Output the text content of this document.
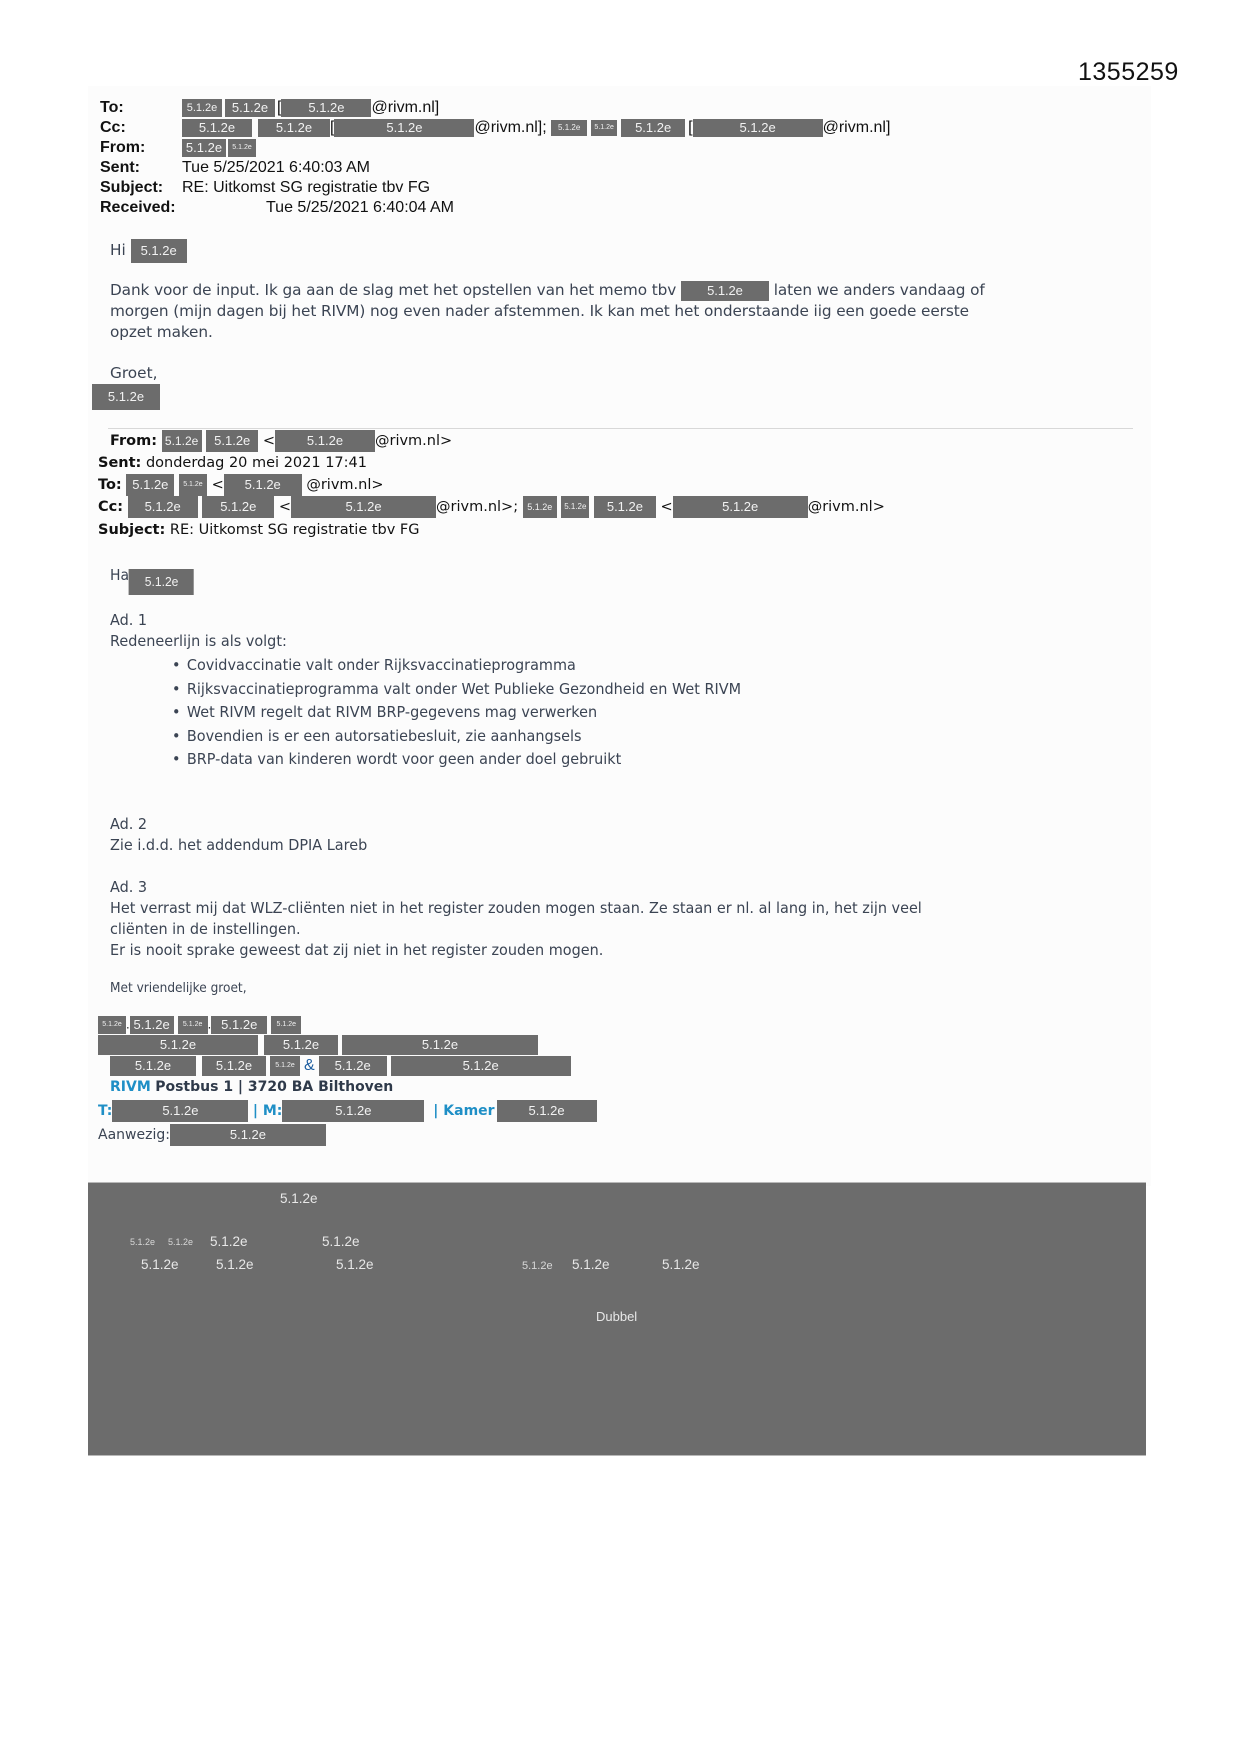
1355259
To:	5.1.2e 5.1.2e [ 5.1.2e @rivm.nl]
Cc:	5.1.2e	5.1.2e [	5.1.2e	@rivm.nl]; 5.1.2e 5.1.2e 5.1.2e [	5.1.2e	@rivm.nl]
From:	5.1.2e 5.1.2e
Sent:	Tue 5/25/2021 6:40:03 AM
Subject: RE: Uitkomst SG registratie tbv FG
Received:	Tue 5/25/2021 6:40:04 AM
Hi 5.1.2e
Dank voor de input. Ik ga aan de slag met het opstellen van het memo tbv 5.1.2e laten we anders vandaag of
morgen (mijn dagen bij het RIVM) nog even nader afstemmen. Ik kan met het onderstaande iig een goede eerste
opzet maken.
Groet,
5.1.2e
From: 5.1.2e 5.1.2e < 5.1.2e @rivm.nl>
Sent: donderdag 20 mei 2021 17:41
To: 5.1.2e 5.1.2e < 5.1.2e @rivm.nl>
Cc: 5.1.2e	5.1.2e <	5.1.2e	@rivm.nl>; 5.1.2e 5.1.2e 5.1.2e <	5.1.2e	@rivm.nl>
Subject: RE: Uitkomst SG registratie tbv FG
Ha 5.1.2e
Ad. 1
Redeneerlijn is als volgt:
• Covidvaccinatie valt onder Rijksvaccinatieprogramma
• Rijksvaccinatieprogramma valt onder Wet Publieke Gezondheid en Wet RIVM
• Wet RIVM regelt dat RIVM BRP-gegevens mag verwerken
• Bovendien is er een autorsatiebesluit, zie aanhangsels
• BRP-data van kinderen wordt voor geen ander doel gebruikt
Ad. 2
Zie i.d.d. het addendum DPIA Lareb
Ad. 3
Het verrast mij dat WLZ-cliënten niet in het register zouden mogen staan. Ze staan er nl. al lang in, het zijn veel
cliënten in de instellingen.
Er is nooit sprake geweest dat zij niet in het register zouden mogen.
Met vriendelijke groet,
5.1.2e . 5.1.2e 5.1.2e . 5.1.2e	5.1.2e
5.1.2e	5.1.2e	5.1.2e
5.1.2e	5.1.2e	5.1.2e & 5.1.2e	5.1.2e
RIVM Postbus 1 | 3720 BA Bilthoven
T:	5.1.2e	| M:	5.1.2e	| Kamer	5.1.2e
Aanwezig:	5.1.2e
5.1.2e
5.1.2e 5.1.2e 5.1.2e	5.1.2e
5.1.2e	5.1.2e	5.1.2e	5.1.2e 5.1.2e	5.1.2e
Dubbel
